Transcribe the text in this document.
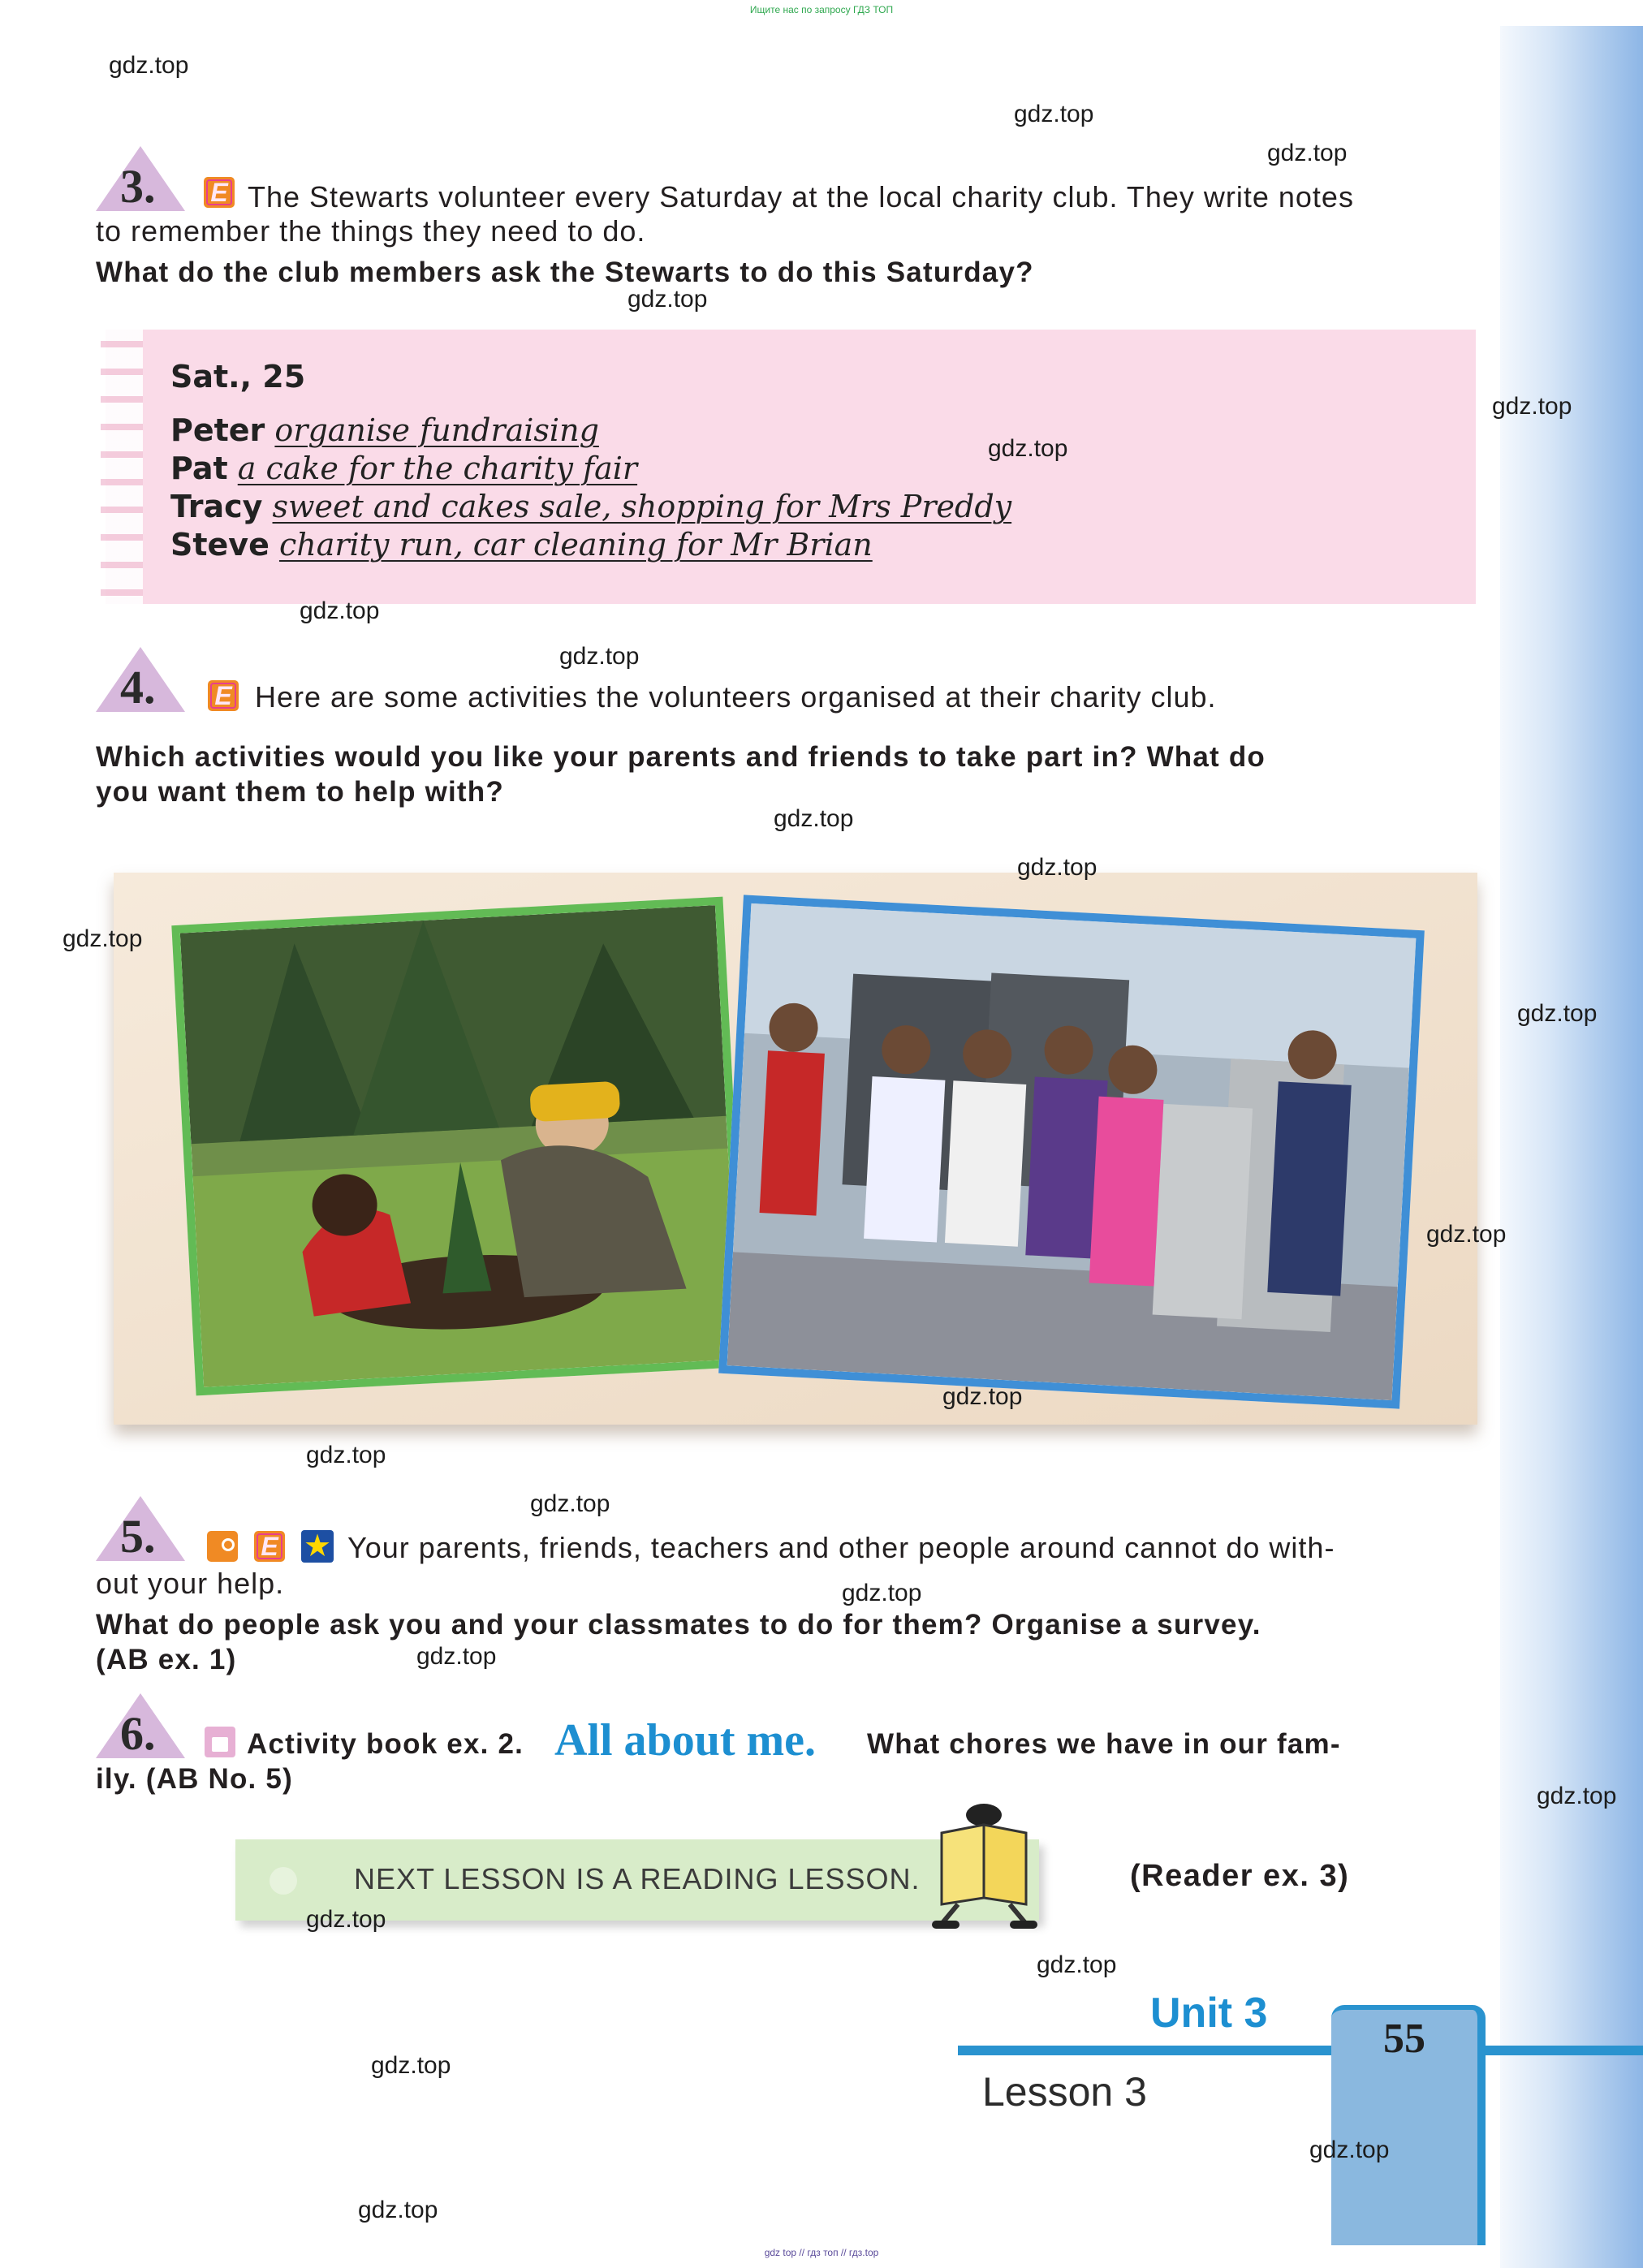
Ищите нас по запросу ГДЗ ТОП
3. E The Stewarts volunteer every Saturday at the local charity club. They write notes
to remember the things they need to do.
What do the club members ask the Stewarts to do this Saturday?
Sat., 25
Peter organise fundraising
Pat a cake for the charity fair
Tracy sweet and cakes sale, shopping for Mrs Preddy
Steve charity run, car cleaning for Mr Brian
4. E Here are some activities the volunteers organised at their charity club.
Which activities would you like your parents and friends to take part in? What do
you want them to help with?
5.	E ★ Your parents, friends, teachers and other people around cannot do with-
out your help.
What do people ask you and your classmates to do for them? Organise a survey.
(AB ex. 1)
6.	Activity book ex. 2. All about me. What chores we have in our fam-
ily. (AB No. 5)
NEXT LESSON IS A READING LESSON.	(Reader ex. 3)
Unit 3
Lesson 3
55
gdz.top
gdz.top
gdz.top
gdz.top
gdz.top
gdz.top
gdz.top
gdz.top
gdz.top
gdz.top
gdz.top
gdz.top
gdz.top
gdz.top
gdz.top
gdz.top
gdz.top
gdz.top
gdz.top
gdz.top
gdz.top
gdz.top
gdz.top
gdz.top
gdz top // гдз топ // гдз.top
